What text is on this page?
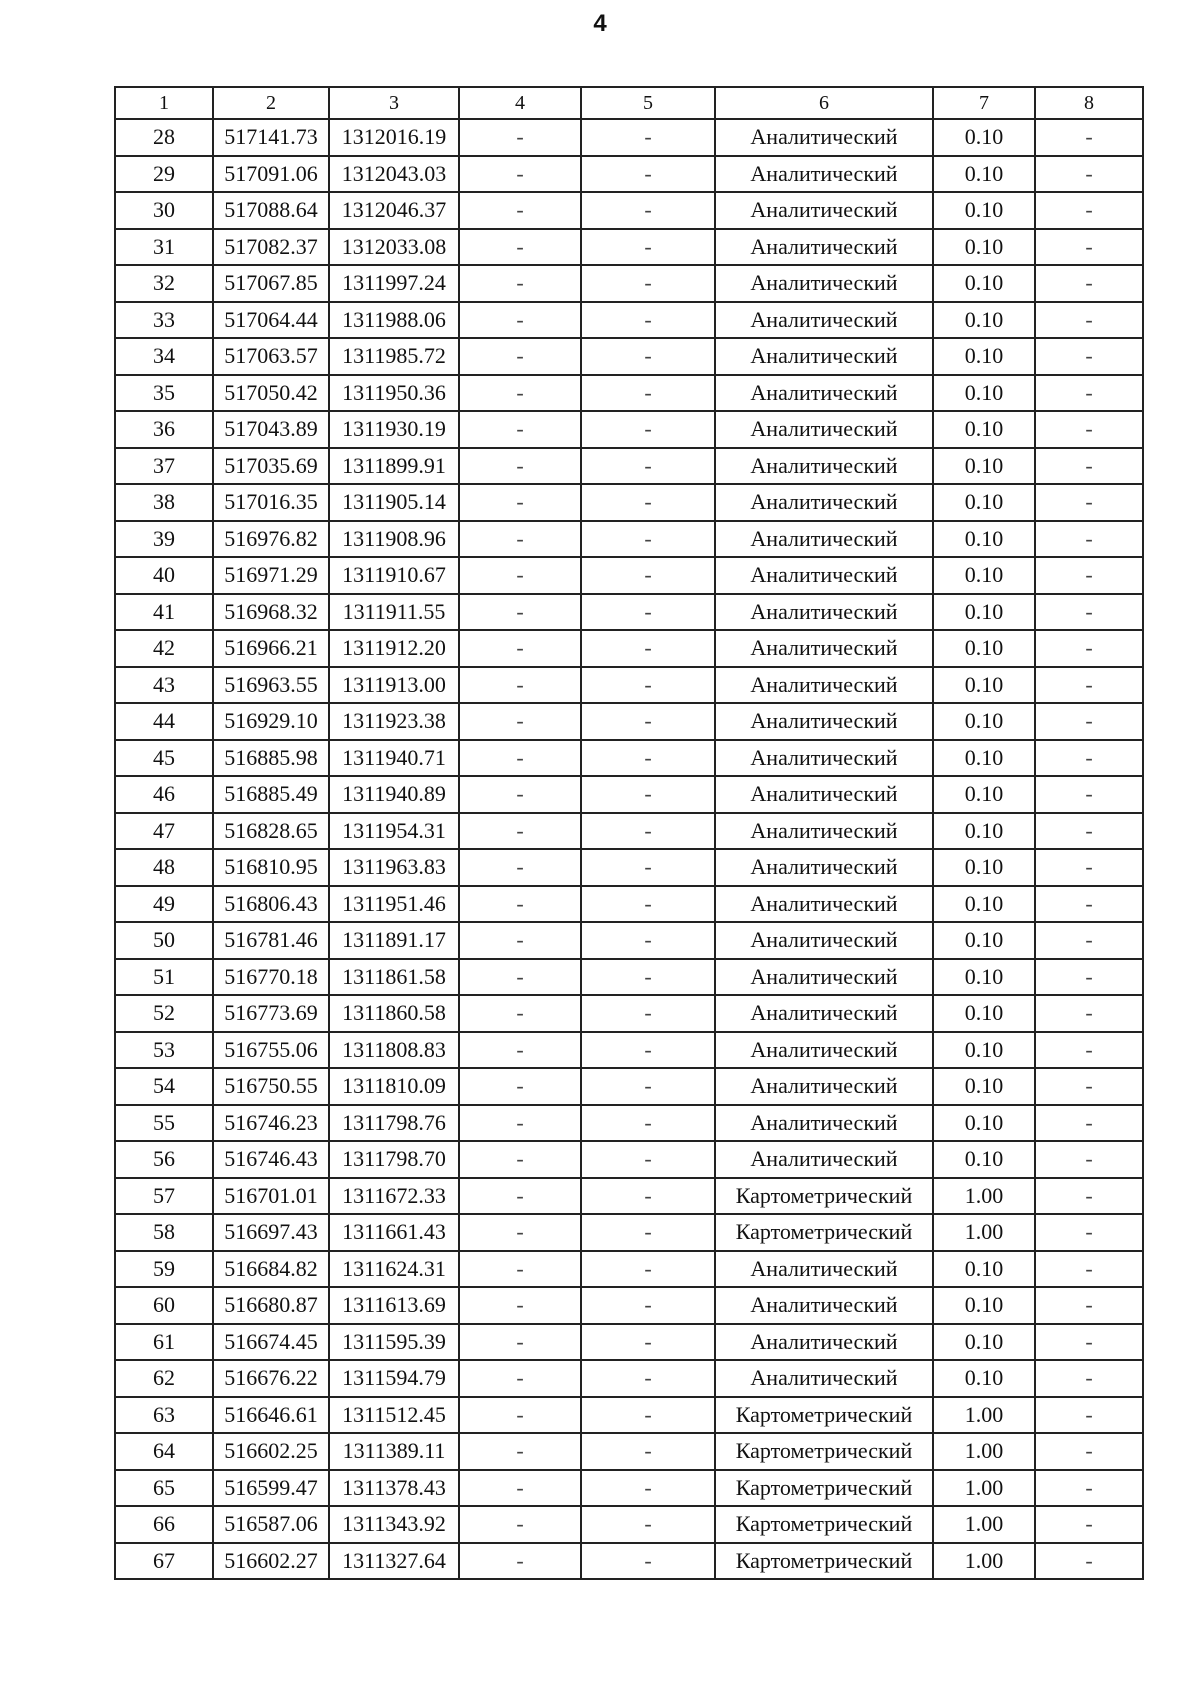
4
1	2	3	4	5	6	7	8
28	517141.73	1312016.19	-	-	Аналитический	0.10	-
29	517091.06	1312043.03	-	-	Аналитический	0.10	-
30	517088.64	1312046.37	-	-	Аналитический	0.10	-
31	517082.37	1312033.08	-	-	Аналитический	0.10	-
32	517067.85	1311997.24	-	-	Аналитический	0.10	-
33	517064.44	1311988.06	-	-	Аналитический	0.10	-
34	517063.57	1311985.72	-	-	Аналитический	0.10	-
35	517050.42	1311950.36	-	-	Аналитический	0.10	-
36	517043.89	1311930.19	-	-	Аналитический	0.10	-
37	517035.69	1311899.91	-	-	Аналитический	0.10	-
38	517016.35	1311905.14	-	-	Аналитический	0.10	-
39	516976.82	1311908.96	-	-	Аналитический	0.10	-
40	516971.29	1311910.67	-	-	Аналитический	0.10	-
41	516968.32	1311911.55	-	-	Аналитический	0.10	-
42	516966.21	1311912.20	-	-	Аналитический	0.10	-
43	516963.55	1311913.00	-	-	Аналитический	0.10	-
44	516929.10	1311923.38	-	-	Аналитический	0.10	-
45	516885.98	1311940.71	-	-	Аналитический	0.10	-
46	516885.49	1311940.89	-	-	Аналитический	0.10	-
47	516828.65	1311954.31	-	-	Аналитический	0.10	-
48	516810.95	1311963.83	-	-	Аналитический	0.10	-
49	516806.43	1311951.46	-	-	Аналитический	0.10	-
50	516781.46	1311891.17	-	-	Аналитический	0.10	-
51	516770.18	1311861.58	-	-	Аналитический	0.10	-
52	516773.69	1311860.58	-	-	Аналитический	0.10	-
53	516755.06	1311808.83	-	-	Аналитический	0.10	-
54	516750.55	1311810.09	-	-	Аналитический	0.10	-
55	516746.23	1311798.76	-	-	Аналитический	0.10	-
56	516746.43	1311798.70	-	-	Аналитический	0.10	-
57	516701.01	1311672.33	-	-	Картометрический	1.00	-
58	516697.43	1311661.43	-	-	Картометрический	1.00	-
59	516684.82	1311624.31	-	-	Аналитический	0.10	-
60	516680.87	1311613.69	-	-	Аналитический	0.10	-
61	516674.45	1311595.39	-	-	Аналитический	0.10	-
62	516676.22	1311594.79	-	-	Аналитический	0.10	-
63	516646.61	1311512.45	-	-	Картометрический	1.00	-
64	516602.25	1311389.11	-	-	Картометрический	1.00	-
65	516599.47	1311378.43	-	-	Картометрический	1.00	-
66	516587.06	1311343.92	-	-	Картометрический	1.00	-
67	516602.27	1311327.64	-	-	Картометрический	1.00	-
